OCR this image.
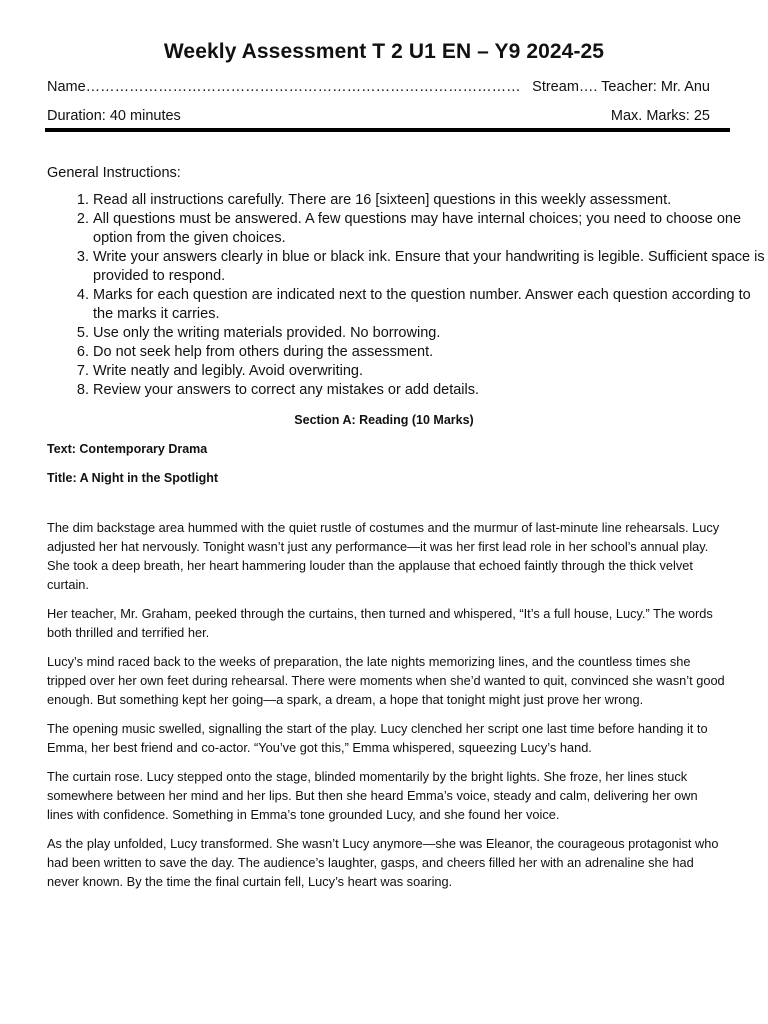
Weekly Assessment T 2 U1 EN – Y9 2024-25
Name……………………………………………………………………………… Stream…. Teacher: Mr. Anu
Duration: 40 minutes	Max. Marks: 25
General Instructions:
1. Read all instructions carefully. There are 16 [sixteen] questions in this weekly assessment.
2. All questions must be answered. A few questions may have internal choices; you need to choose one option from the given choices.
3. Write your answers clearly in blue or black ink. Ensure that your handwriting is legible. Sufficient space is provided to respond.
4. Marks for each question are indicated next to the question number. Answer each question according to the marks it carries.
5. Use only the writing materials provided. No borrowing.
6. Do not seek help from others during the assessment.
7. Write neatly and legibly. Avoid overwriting.
8. Review your answers to correct any mistakes or add details.
Section A: Reading (10 Marks)
Text: Contemporary Drama
Title: A Night in the Spotlight

The dim backstage area hummed with the quiet rustle of costumes and the murmur of last-minute line rehearsals. Lucy adjusted her hat nervously. Tonight wasn’t just any performance—it was her first lead role in her school’s annual play. She took a deep breath, her heart hammering louder than the applause that echoed faintly through the thick velvet curtain.

Her teacher, Mr. Graham, peeked through the curtains, then turned and whispered, “It’s a full house, Lucy.” The words both thrilled and terrified her.

Lucy’s mind raced back to the weeks of preparation, the late nights memorizing lines, and the countless times she tripped over her own feet during rehearsal. There were moments when she’d wanted to quit, convinced she wasn’t good enough. But something kept her going—a spark, a dream, a hope that tonight might just prove her wrong.

The opening music swelled, signalling the start of the play. Lucy clenched her script one last time before handing it to Emma, her best friend and co-actor. “You’ve got this,” Emma whispered, squeezing Lucy’s hand.

The curtain rose. Lucy stepped onto the stage, blinded momentarily by the bright lights. She froze, her lines stuck somewhere between her mind and her lips. But then she heard Emma’s voice, steady and calm, delivering her own lines with confidence. Something in Emma’s tone grounded Lucy, and she found her voice.

As the play unfolded, Lucy transformed. She wasn’t Lucy anymore—she was Eleanor, the courageous protagonist who had been written to save the day. The audience’s laughter, gasps, and cheers filled her with an adrenaline she had never known. By the time the final curtain fell, Lucy’s heart was soaring.
